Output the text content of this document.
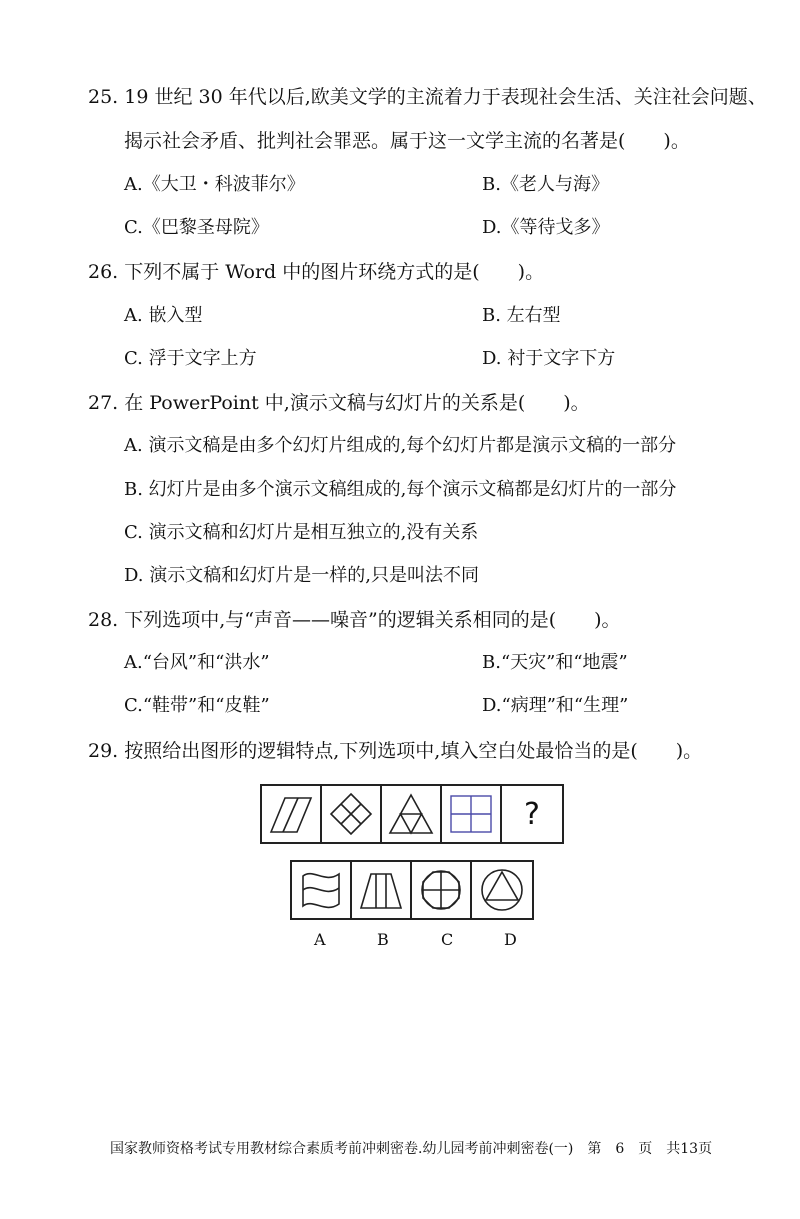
25. 19 世纪 30 年代以后,欧美文学的主流着力于表现社会生活、关注社会问题、
揭示社会矛盾、批判社会罪恶。属于这一文学主流的名著是(　　)。
A.《大卫・科波菲尔》	B.《老人与海》
C.《巴黎圣母院》	D.《等待戈多》
26. 下列不属于 Word 中的图片环绕方式的是(　　)。
A. 嵌入型	B. 左右型
C. 浮于文字上方	D. 衬于文字下方
27. 在 PowerPoint 中,演示文稿与幻灯片的关系是(　　)。
A. 演示文稿是由多个幻灯片组成的,每个幻灯片都是演示文稿的一部分
B. 幻灯片是由多个演示文稿组成的,每个演示文稿都是幻灯片的一部分
C. 演示文稿和幻灯片是相互独立的,没有关系
D. 演示文稿和幻灯片是一样的,只是叫法不同
28. 下列选项中,与“声音——噪音”的逻辑关系相同的是(　　)。
A.“台风”和“洪水”	B.“天灾”和“地震”
C.“鞋带”和“皮鞋”	D.“病理”和“生理”
29. 按照给出图形的逻辑特点,下列选项中,填入空白处最恰当的是(　　)。
?
A	B	C	D
国家教师资格考试专用教材综合素质考前冲刺密卷.幼儿园考前冲刺密卷(一)　第　6　页　共13页
